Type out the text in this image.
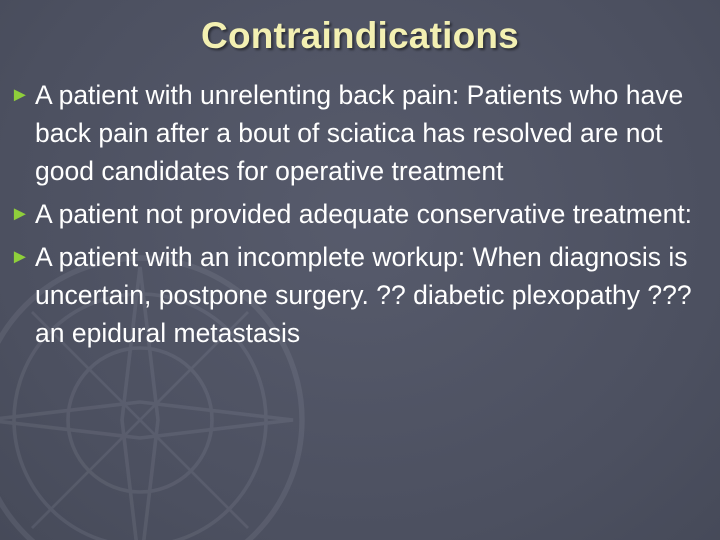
Contraindications
► A patient with unrelenting back pain: Patients who have back pain after a bout of sciatica has resolved are not good candidates for operative treatment
► A patient not provided adequate conservative treatment:
► A patient with an incomplete workup: When diagnosis is uncertain, postpone surgery. ?? diabetic plexopathy ??? an epidural metastasis
